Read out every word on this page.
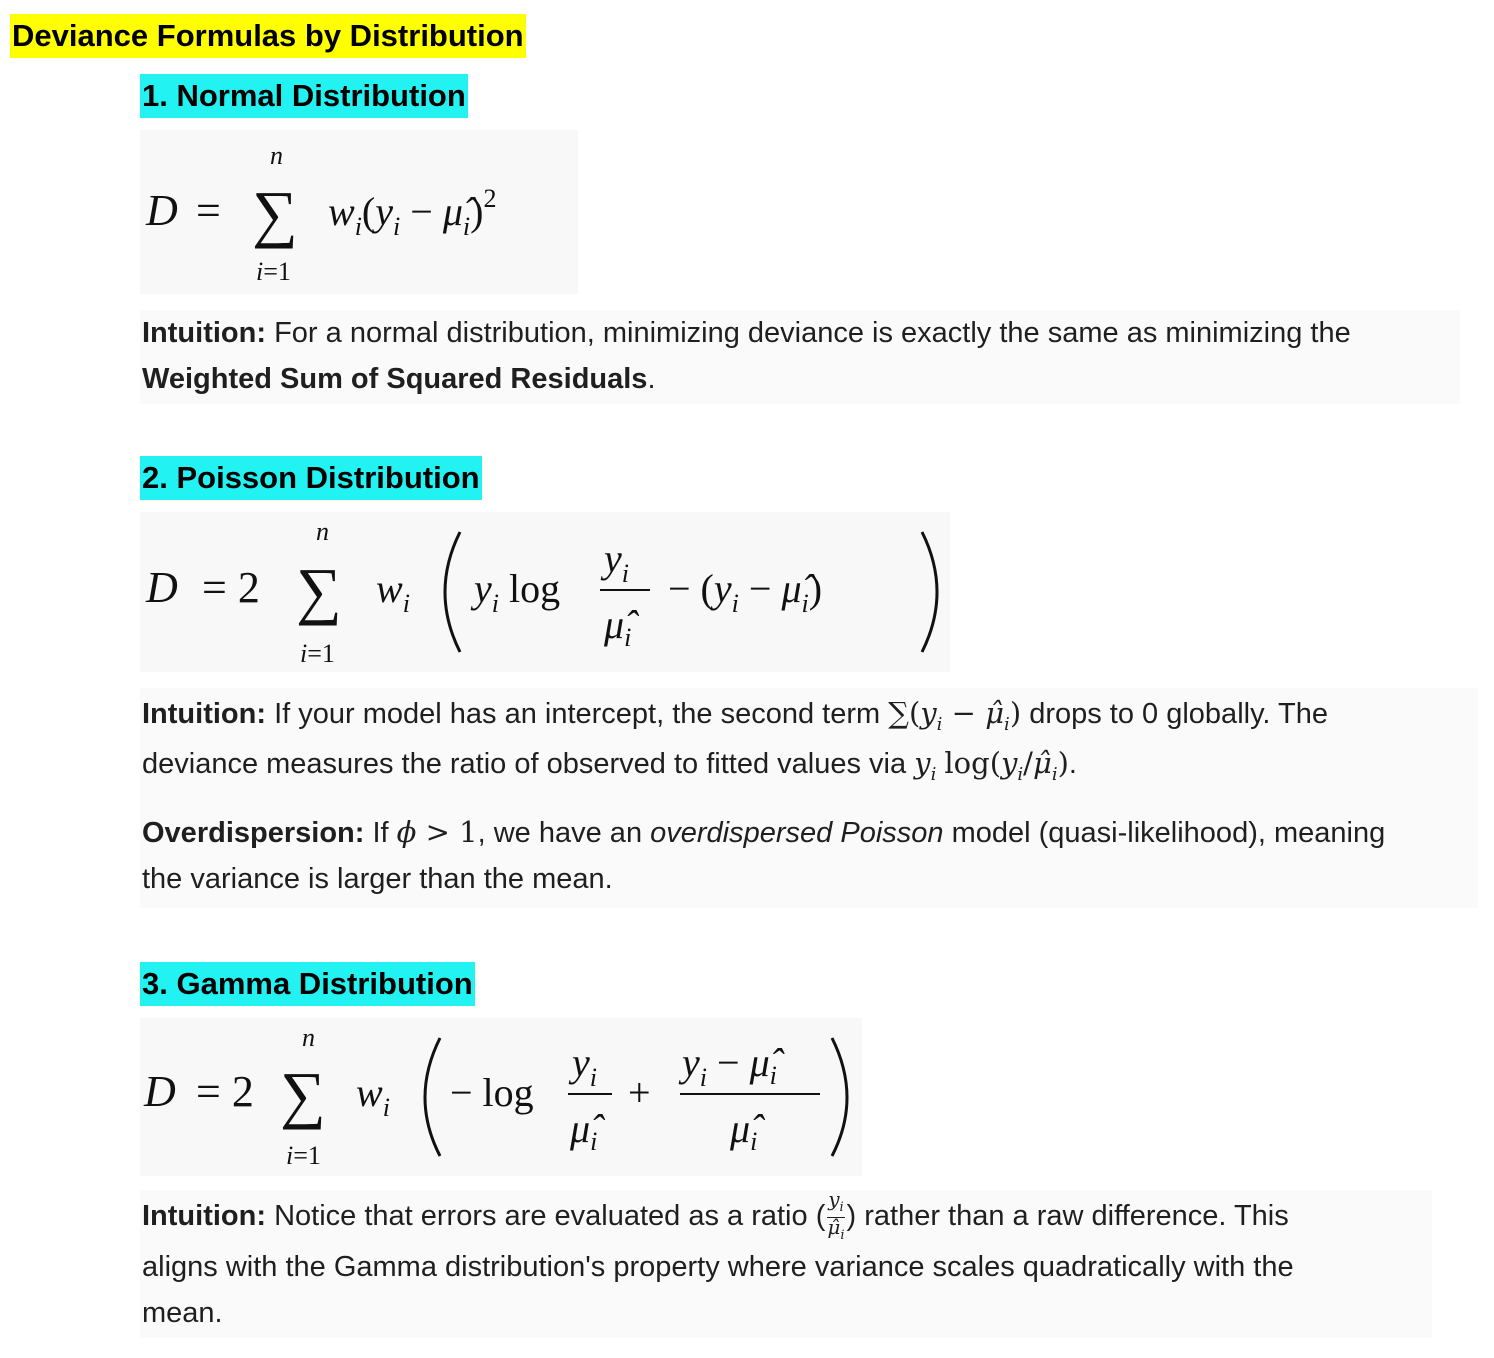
Deviance Formulas by Distribution
1. Normal Distribution
D = ∑
n
i=1
$w_i(y_i$ − $\mû_i)^2$
Intuition: For a normal distribution, minimizing deviance is exactly the same as minimizing the
Weighted Sum of Squared Residuals.
2. Poisson Distribution
D = 2 ∑
n
i=1
$w_i$ $y_i$ log
$y_i$
$\mû_i$
− ($y_i$ − $\mû_i$)
Intuition: If your model has an intercept, the second term $\sum(y_i$ − $\mû_i$) drops to 0 globally. The
deviance measures the ratio of observed to fitted values via $y_i$ $\log(y_i/\mû_i)$.
Overdispersion: If ϕ > 1, we have an overdispersed Poisson model (quasi-likelihood), meaning
the variance is larger than the mean.
3. Gamma Distribution
D = 2 ∑
n
i=1
$w_i - \log$
$y_i$
$\mû_i$
+
$y_i$ − $\mû_i$
$\mû_i$
Intuition: Notice that errors are evaluated as a ratio ( $\frac{y_i}{\mû_i}$ ) rather than a raw difference. This
aligns with the Gamma distribution's property where variance scales quadratically with the
mean.
